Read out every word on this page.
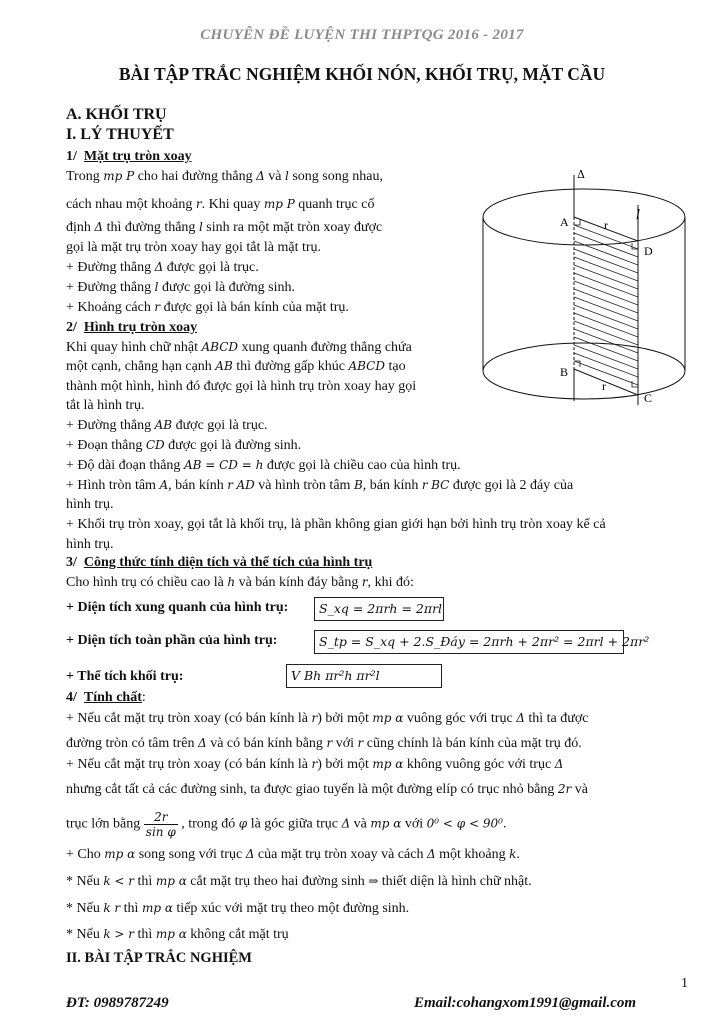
CHUYÊN ĐỀ LUYỆN THI THPTQG 2016 - 2017
BÀI TẬP TRẮC NGHIỆM KHỐI NÓN, KHỐI TRỤ, MẶT CẦU
A. KHỐI TRỤ
I. LÝ THUYẾT
1/ Mặt trụ tròn xoay
Trong mp P cho hai đường thẳng Δ và l song song nhau,
cách nhau một khoảng r. Khi quay mp P quanh trục cố
định Δ thì đường thẳng l sinh ra một mặt tròn xoay được
gọi là mặt trụ tròn xoay hay gọi tắt là mặt trụ.
+ Đường thẳng Δ được gọi là trục.
+ Đường thẳng l được gọi là đường sinh.
+ Khoảng cách r được gọi là bán kính của mặt trụ.
2/ Hình trụ tròn xoay
Khi quay hình chữ nhật ABCD xung quanh đường thẳng chứa
một cạnh, chẳng hạn cạnh AB thì đường gấp khúc ABCD tạo
thành một hình, hình đó được gọi là hình trụ tròn xoay hay gọi
tắt là hình trụ.
+ Đường thẳng AB được gọi là trục.
+ Đoạn thẳng CD được gọi là đường sinh.
+ Độ dài đoạn thẳng AB = CD = h được gọi là chiều cao của hình trụ.
+ Hình tròn tâm A, bán kính r AD và hình tròn tâm B, bán kính r BC được gọi là 2 đáy của
hình trụ.
+ Khối trụ tròn xoay, gọi tắt là khối trụ, là phần không gian giới hạn bởi hình trụ tròn xoay kể cả
hình trụ.
3/ Công thức tính diện tích và thể tích của hình trụ
Cho hình trụ có chiều cao là h và bán kính đáy bằng r, khi đó:
+ Diện tích xung quanh của hình trụ:	S_xq = 2πrh = 2πrl
+ Diện tích toàn phần của hình trụ:	S_tp = S_xq + 2.S_Đáy = 2πrh + 2πr² = 2πrl + 2πr²
+ Thể tích khối trụ:	V Bh πr²h πr²l
4/ Tính chất:
+ Nếu cắt mặt trụ tròn xoay (có bán kính là r) bởi một mp α vuông góc với trục Δ thì ta được
đường tròn có tâm trên Δ và có bán kính bằng r với r cũng chính là bán kính của mặt trụ đó.
+ Nếu cắt mặt trụ tròn xoay (có bán kính là r) bởi một mp α không vuông góc với trục Δ
nhưng cắt tất cả các đường sinh, ta được giao tuyến là một đường elíp có trục nhỏ bằng 2r và
trục lớn bằng $\frac{2r}{\text{sin φ}}$ , trong đó φ là góc giữa trục Δ và mp α với 0⁰ < φ < 90⁰.
+ Cho mp α song song với trục Δ của mặt trụ tròn xoay và cách Δ một khoảng k.
* Nếu k < r thì mp α cắt mặt trụ theo hai đường sinh ⇒ thiết diện là hình chữ nhật.
* Nếu k r thì mp α tiếp xúc với mặt trụ theo một đường sinh.
* Nếu k > r thì mp α không cắt mặt trụ
II. BÀI TẬP TRẮC NGHIỆM
1
ĐT: 0989787249	Email:cohangxom1991@gmail.com
Δ
l
A
D
B
C
r
r
